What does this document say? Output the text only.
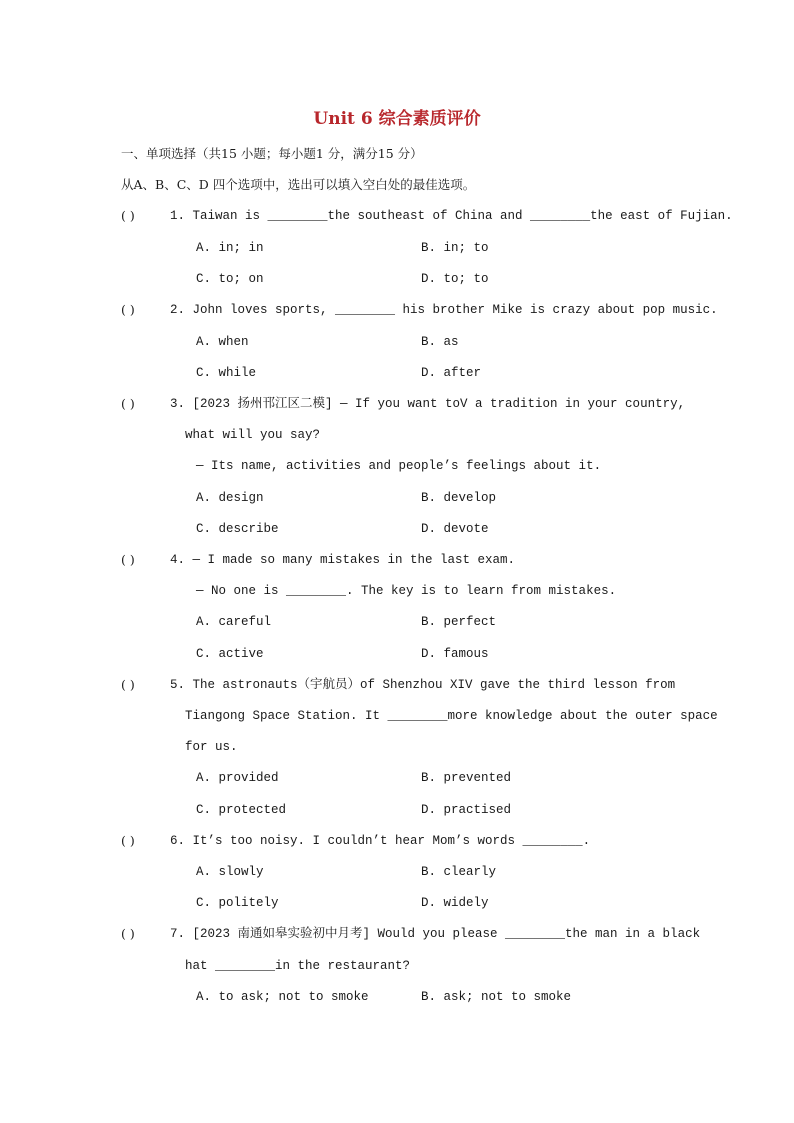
Unit 6 综合素质评价
一、单项选择（共15 小题；每小题1 分，满分15 分）
从A、B、C、D 四个选项中，选出可以填入空白处的最佳选项。
( )	1. Taiwan is ________the southeast of China and ________the east of Fujian.
A. in; in	B. in; to
C. to; on	D. to; to
( )	2. John loves sports, ________ his brother Mike is crazy about pop music.
A. when	B. as
C. while	D. after
( )	3. [2023 扬州邗江区二模] — If you want toV a tradition in your country,
what will you say?
— Its name, activities and people’s feelings about it.
A. design	B. develop
C. describe	D. devote
( )	4. — I made so many mistakes in the last exam.
— No one is ________. The key is to learn from mistakes.
A. careful	B. perfect
C. active	D. famous
( )	5. The astronauts（宇航员）of Shenzhou XIV gave the third lesson from
Tiangong Space Station. It ________more knowledge about the outer space
for us.
A. provided	B. prevented
C. protected	D. practised
( )	6. It’s too noisy. I couldn’t hear Mom’s words ________.
A. slowly	B. clearly
C. politely	D. widely
( )	7. [2023 南通如皋实验初中月考] Would you please ________the man in a black
hat ________in the restaurant?
A. to ask; not to smoke	B. ask; not to smoke
